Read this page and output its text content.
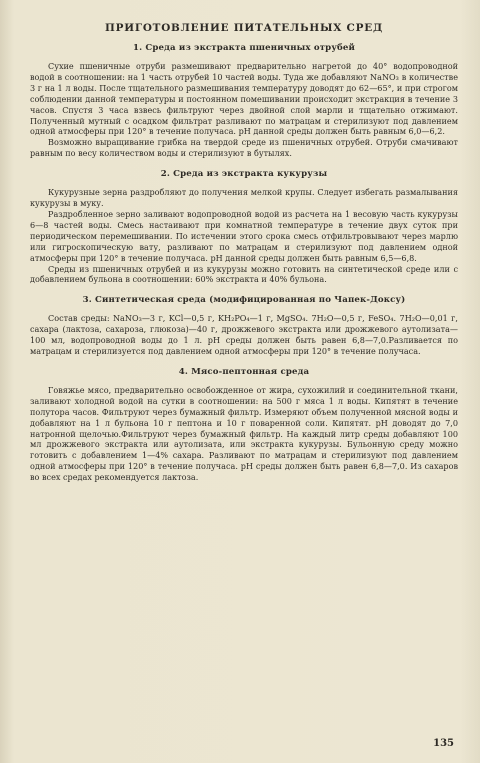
ПРИГОТОВЛЕНИЕ ПИТАТЕЛЬНЫХ СРЕД
1. Среда из экстракта пшеничных отрубей

Сухие пшеничные отруби размешивают предварительно нагретой до 40° водопроводной водой в соотношении: на 1 часть отрубей 10 частей воды. Туда же добавляют NaNO₃ в количестве 3 г на 1 л воды. После тщательного размешивания температуру доводят до 62—65°, и при строгом соблюдении данной температуры и постоянном помешивании происходит экстракция в течение 3 часов. Спустя 3 часа взвесь фильтруют через двойной слой марли и тщательно отжимают. Полученный мутный с осадком фильтрат разливают по матрацам и стерилизуют под давлением одной атмосферы при 120° в течение получаса. pH данной среды должен быть равным 6,0—6,2.

Возможно выращивание грибка на твердой среде из пшеничных отрубей. Отруби смачивают равным по весу количеством воды и стерилизуют в бутылях.

2. Среда из экстракта кукурузы

Кукурузные зерна раздробляют до получения мелкой крупы. Следует избегать размалывания кукурузы в муку.

Раздробленное зерно заливают водопроводной водой из расчета на 1 весовую часть кукурузы 6—8 частей воды. Смесь настаивают при комнатной температуре в течение двух суток при периодическом перемешивании. По истечении этого срока смесь отфильтровывают через марлю или гигроскопическую вату, разливают по матрацам и стерилизуют под давлением одной атмосферы при 120° в течение получаса. pH данной среды должен быть равным 6,5—6,8.

Среды из пшеничных отрубей и из кукурузы можно готовить на синтетической среде или с добавлением бульона в соотношении: 60% экстракта и 40% бульона.

3. Синтетическая среда (модифицированная по Чапек-Доксу)

Состав среды: NaNO₃—3 г, KCl—0,5 г, KH₂PO₄—1 г, MgSO₄. 7H₂O—0,5 г, FeSO₄. 7H₂O—0,01 г, сахара (лактоза, сахароза, глюкоза)—40 г, дрожжевого экстракта или дрожжевого аутолизата—100 мл, водопроводной воды до 1 л. pH среды должен быть равен 6,8—7,0.Разливается по матрацам и стерилизуется под давлением одной атмосферы при 120° в течение получаса.

4. Мясо-пептонная среда

Говяжье мясо, предварительно освобожденное от жира, сухожилий и соединительной ткани, заливают холодной водой на сутки в соотношении: на 500 г мяса 1 л воды. Кипятят в течение полутора часов. Фильтруют через бумажный фильтр. Измеряют объем полученной мясной воды и добавляют на 1 л бульона 10 г пептона и 10 г поваренной соли. Кипятят. pH доводят до 7,0 натронной щелочью.Фильтруют через бумажный фильтр. На каждый литр среды добавляют 100 мл дрожжевого экстракта или аутолизата, или экстракта кукурузы. Бульонную среду можно готовить с добавлением 1—4% сахара. Разливают по матрацам и стерилизуют под давлением одной атмосферы при 120° в течение получаса. pH среды должен быть равен 6,8—7,0. Из сахаров во всех средах рекомендуется лактоза.

135
